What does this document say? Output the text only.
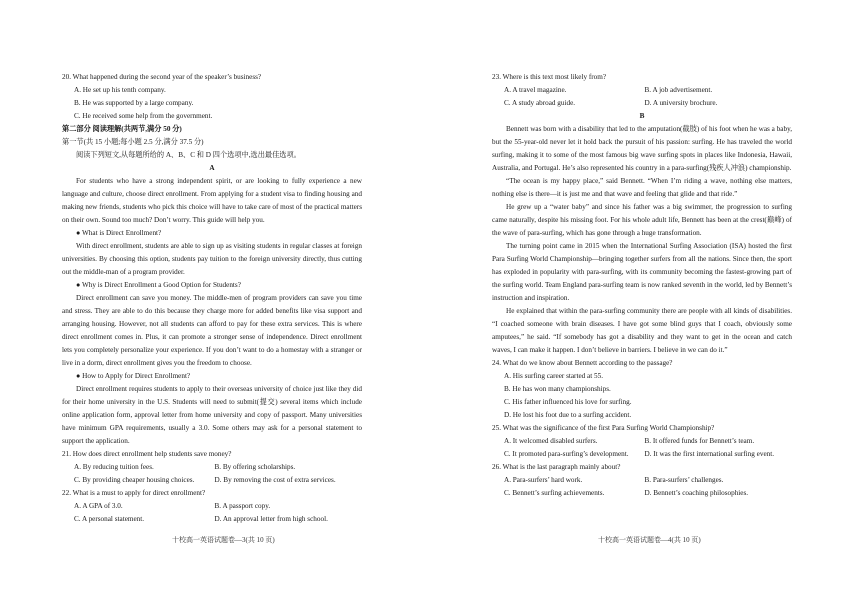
20. What happened during the second year of the speaker’s business?

A. He set up his tenth company.

B. He was supported by a large company.

C. He received some help from the government.

第二部分 阅读理解(共两节,满分 50 分)

第一节(共 15 小题;每小题 2.5 分,满分 37.5 分)

阅读下列短文,从每题所给的 A、B、C 和 D 四个选项中,选出最佳选项。

A

For students who have a strong independent spirit, or are looking to fully experience a new language and culture, choose direct enrollment. From applying for a student visa to finding housing and making new friends, students who pick this choice will have to take care of most of the practical matters on their own. Sound too much? Don’t worry. This guide will help you.

● What is Direct Enrollment?

With direct enrollment, students are able to sign up as visiting students in regular classes at foreign universities. By choosing this option, students pay tuition to the foreign university directly, thus cutting out the middle-man of a program provider.

● Why is Direct Enrollment a Good Option for Students?

Direct enrollment can save you money. The middle-men of program providers can save you time and stress. They are able to do this because they charge more for added benefits like visa support and arranging housing. However, not all students can afford to pay for these extra services. This is where direct enrollment comes in. Plus, it can promote a stronger sense of independence. Direct enrollment lets you completely personalize your experience. If you don’t want to do a homestay with a stranger or live in a dorm, direct enrollment gives you the freedom to choose.

● How to Apply for Direct Enrollment?

Direct enrollment requires students to apply to their overseas university of choice just like they did for their home university in the U.S. Students will need to submit(提交) several items which include online application form, approval letter from home university and copy of passport. Many universities have minimum GPA requirements, usually a 3.0. Some others may ask for a personal statement to support the application.

21. How does direct enrollment help students save money?

A. By reducing tuition fees.	B. By offering scholarships.
C. By providing cheaper housing choices.	D. By removing the cost of extra services.

22. What is a must to apply for direct enrollment?

A. A GPA of 3.0.	B. A passport copy.
C. A personal statement.	D. An approval letter from high school.

23. Where is this text most likely from?

A. A travel magazine.	B. A job advertisement.
C. A study abroad guide.	D. A university brochure.

B

Bennett was born with a disability that led to the amputation(截肢) of his foot when he was a baby, but the 55-year-old never let it hold back the pursuit of his passion: surfing. He has traveled the world surfing, making it to some of the most famous big wave surfing spots in places like Indonesia, Hawaii, Australia, and Portugal. He’s also represented his country in a para-surfing(残疾人冲浪) championship.

“The ocean is my happy place,” said Bennett. “When I’m riding a wave, nothing else matters, nothing else is there—it is just me and that wave and feeling that glide and that ride.”

He grew up a “water baby” and since his father was a big swimmer, the progression to surfing came naturally, despite his missing foot. For his whole adult life, Bennett has been at the crest(巅峰) of the wave of para-surfing, which has gone through a huge transformation.

The turning point came in 2015 when the International Surfing Association (ISA) hosted the first Para Surfing World Championship—bringing together surfers from all the nations. Since then, the sport has exploded in popularity with para-surfing, with its community becoming the fastest-growing part of the surfing world. Team England para-surfing team is now ranked seventh in the world, led by Bennett’s instruction and inspiration.

He explained that within the para-surfing community there are people with all kinds of disabilities. “I coached someone with brain diseases. I have got some blind guys that I coach, obviously some amputees,” he said. “If somebody has got a disability and they want to get in the ocean and catch waves, I can make it happen. I don’t believe in barriers. I believe in we can do it.”

24. What do we know about Bennett according to the passage?

A. His surfing career started at 55.

B. He has won many championships.

C. His father influenced his love for surfing.

D. He lost his foot due to a surfing accident.

25. What was the significance of the first Para Surfing World Championship?

A. It welcomed disabled surfers.	B. It offered funds for Bennett’s team.
C. It promoted para-surfing’s development.	D. It was the first international surfing event.

26. What is the last paragraph mainly about?

A. Para-surfers’ hard work.	B. Para-surfers’ challenges.
C. Bennett’s surfing achievements.	D. Bennett’s coaching philosophies.
十校高一英语试题卷—3(共 10 页)	十校高一英语试题卷—4(共 10 页)
